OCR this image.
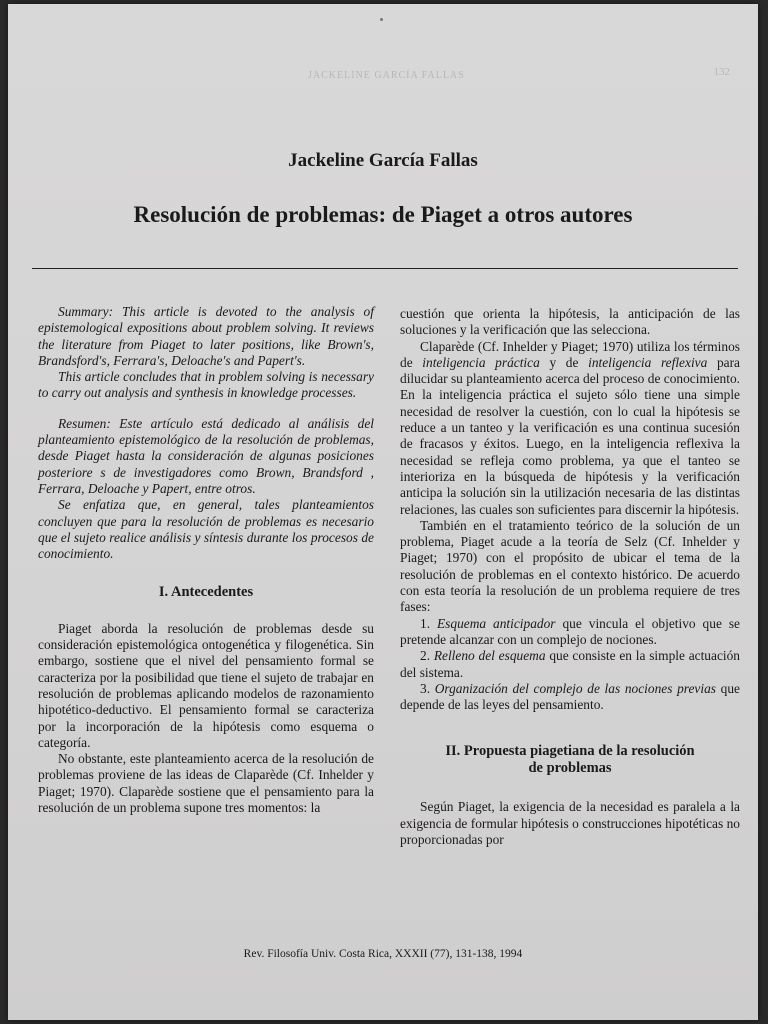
JACKELINE GARCÍA FALLAS	132
Jackeline García Fallas
Resolución de problemas: de Piaget a otros autores

Summary: This article is devoted to the analysis of epistemological expositions about problem solving. It reviews the literature from Piaget to later positions, like Brown's, Brandsford's, Ferrara's, Deloache's and Papert's.

This article concludes that in problem solving is necessary to carry out analysis and synthesis in knowledge processes.

Resumen: Este artículo está dedicado al análisis del planteamiento epistemológico de la resolución de problemas, desde Piaget hasta la consideración de algunas posiciones posteriore s de investigadores como Brown, Brandsford , Ferrara, Deloache y Papert, entre otros.

Se enfatiza que, en general, tales planteamientos concluyen que para la resolución de problemas es necesario que el sujeto realice análisis y síntesis durante los procesos de conocimiento.

I. Antecedentes

Piaget aborda la resolución de problemas desde su consideración epistemológica ontogenética y filogenética. Sin embargo, sostiene que el nivel del pensamiento formal se caracteriza por la posibilidad que tiene el sujeto de trabajar en resolución de problemas aplicando modelos de razonamiento hipotético-deductivo. El pensamiento formal se caracteriza por la incorporación de la hipótesis como esquema o categoría.

No obstante, este planteamiento acerca de la resolución de problemas proviene de las ideas de Claparède (Cf. Inhelder y Piaget; 1970). Claparède sostiene que el pensamiento para la resolución de un problema supone tres momentos: la

cuestión que orienta la hipótesis, la anticipación de las soluciones y la verificación que las selecciona.

Claparède (Cf. Inhelder y Piaget; 1970) utiliza los términos de inteligencia práctica y de inteligencia reflexiva para dilucidar su planteamiento acerca del proceso de conocimiento. En la inteligencia práctica el sujeto sólo tiene una simple necesidad de resolver la cuestión, con lo cual la hipótesis se reduce a un tanteo y la verificación es una continua sucesión de fracasos y éxitos. Luego, en la inteligencia reflexiva la necesidad se refleja como problema, ya que el tanteo se interioriza en la búsqueda de hipótesis y la verificación anticipa la solución sin la utilización necesaria de las distintas relaciones, las cuales son suficientes para discernir la hipótesis.

También en el tratamiento teórico de la solución de un problema, Piaget acude a la teoría de Selz (Cf. Inhelder y Piaget; 1970) con el propósito de ubicar el tema de la resolución de problemas en el contexto histórico. De acuerdo con esta teoría la resolución de un problema requiere de tres fases:

1. Esquema anticipador que vincula el objetivo que se pretende alcanzar con un complejo de nociones.

2. Relleno del esquema que consiste en la simple actuación del sistema.

3. Organización del complejo de las nociones previas que depende de las leyes del pensamiento.

II. Propuesta piagetiana de la resolución
de problemas

Según Piaget, la exigencia de la necesidad es paralela a la exigencia de formular hipótesis o construcciones hipotéticas no proporcionadas por

Rev. Filosofía Univ. Costa Rica, XXXII (77), 131-138, 1994
